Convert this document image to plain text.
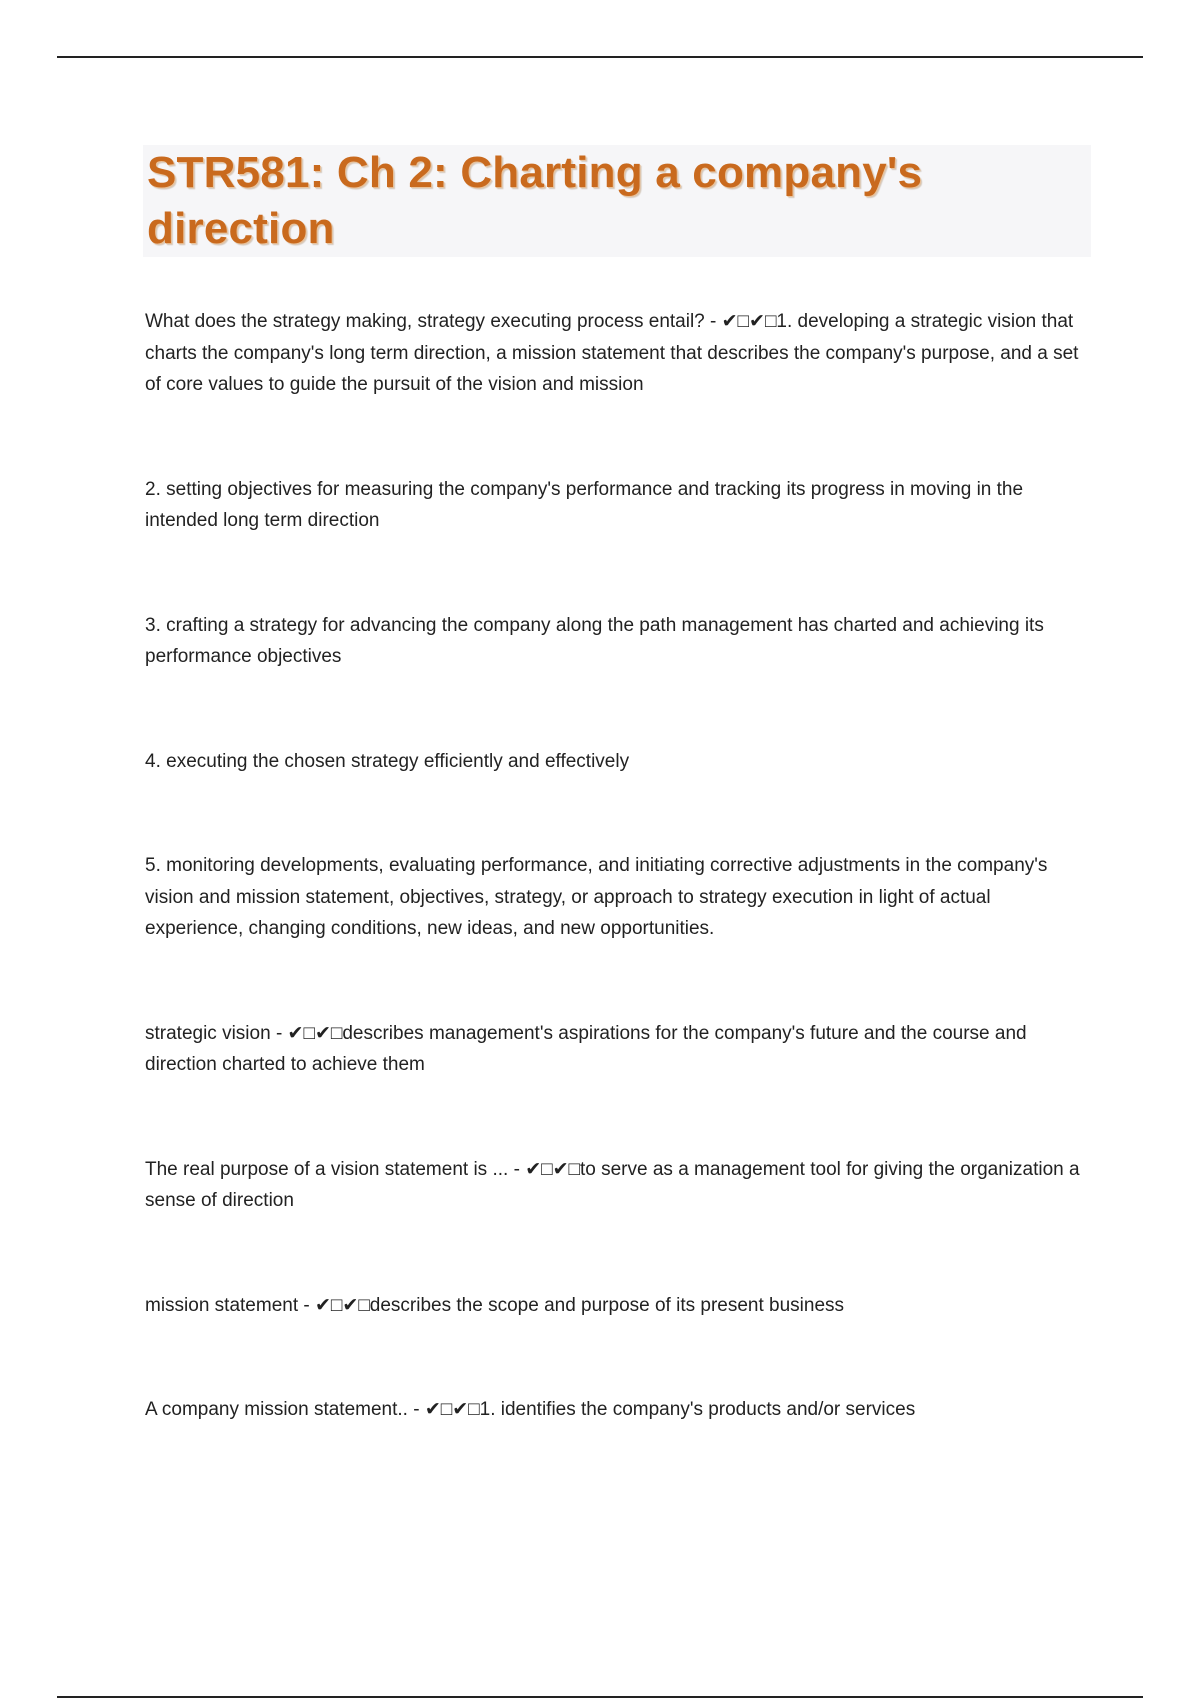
STR581: Ch 2: Charting a company's direction

What does the strategy making, strategy executing process entail? - ✔□✔□1. developing a strategic vision that charts the company's long term direction, a mission statement that describes the company's purpose, and a set of core values to guide the pursuit of the vision and mission

2. setting objectives for measuring the company's performance and tracking its progress in moving in the intended long term direction

3. crafting a strategy for advancing the company along the path management has charted and achieving its performance objectives

4. executing the chosen strategy efficiently and effectively

5. monitoring developments, evaluating performance, and initiating corrective adjustments in the company's vision and mission statement, objectives, strategy, or approach to strategy execution in light of actual experience, changing conditions, new ideas, and new opportunities.

strategic vision - ✔□✔□describes management's aspirations for the company's future and the course and direction charted to achieve them

The real purpose of a vision statement is ... - ✔□✔□to serve as a management tool for giving the organization a sense of direction

mission statement - ✔□✔□describes the scope and purpose of its present business

A company mission statement.. - ✔□✔□1. identifies the company's products and/or services
